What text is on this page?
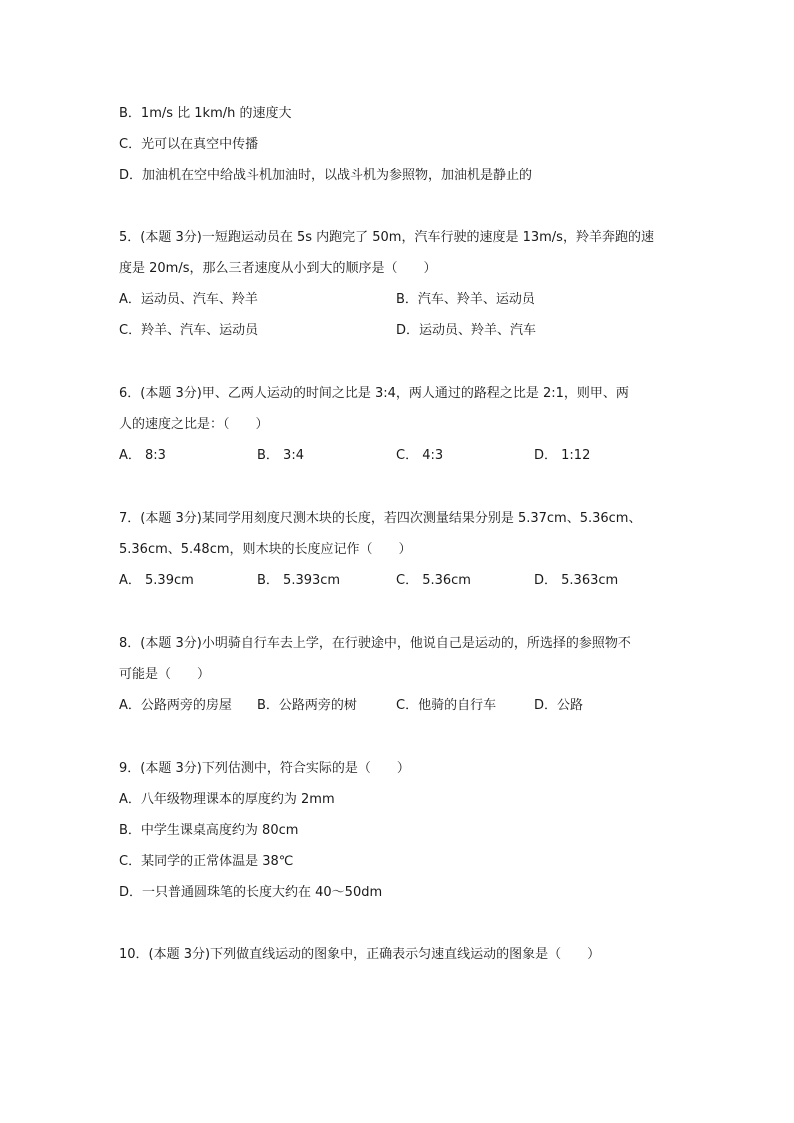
B．1m/s 比 1km/h 的速度大
C．光可以在真空中传播
D．加油机在空中给战斗机加油时，以战斗机为参照物，加油机是静止的
5．(本题 3分)一短跑运动员在 5s 内跑完了 50m，汽车行驶的速度是 13m/s，羚羊奔跑的速
度是 20m/s，那么三者速度从小到大的顺序是（　　）
A．运动员、汽车、羚羊	B．汽车、羚羊、运动员
C．羚羊、汽车、运动员	D．运动员、羚羊、汽车
6．(本题 3分)甲、乙两人运动的时间之比是 3:4，两人通过的路程之比是 2:1，则甲、两
人的速度之比是：（　　）
A． 8:3	B． 3:4	C． 4:3	D． 1:12
7．(本题 3分)某同学用刻度尺测木块的长度，若四次测量结果分别是 5.37cm、5.36cm、
5.36cm、5.48cm，则木块的长度应记作（　　）
A． 5.39cm	B． 5.393cm	C． 5.36cm	D． 5.363cm
8．(本题 3分)小明骑自行车去上学，在行驶途中，他说自己是运动的，所选择的参照物不
可能是（　　）
A．公路两旁的房屋 B．公路两旁的树	C．他骑的自行车	D．公路
9．(本题 3分)下列估测中，符合实际的是（　　）
A．八年级物理课本的厚度约为 2mm
B．中学生课桌高度约为 80cm
C．某同学的正常体温是 38℃
D．一只普通圆珠笔的长度大约在 40～50dm
10．(本题 3分)下列做直线运动的图象中，正确表示匀速直线运动的图象是（　　）
